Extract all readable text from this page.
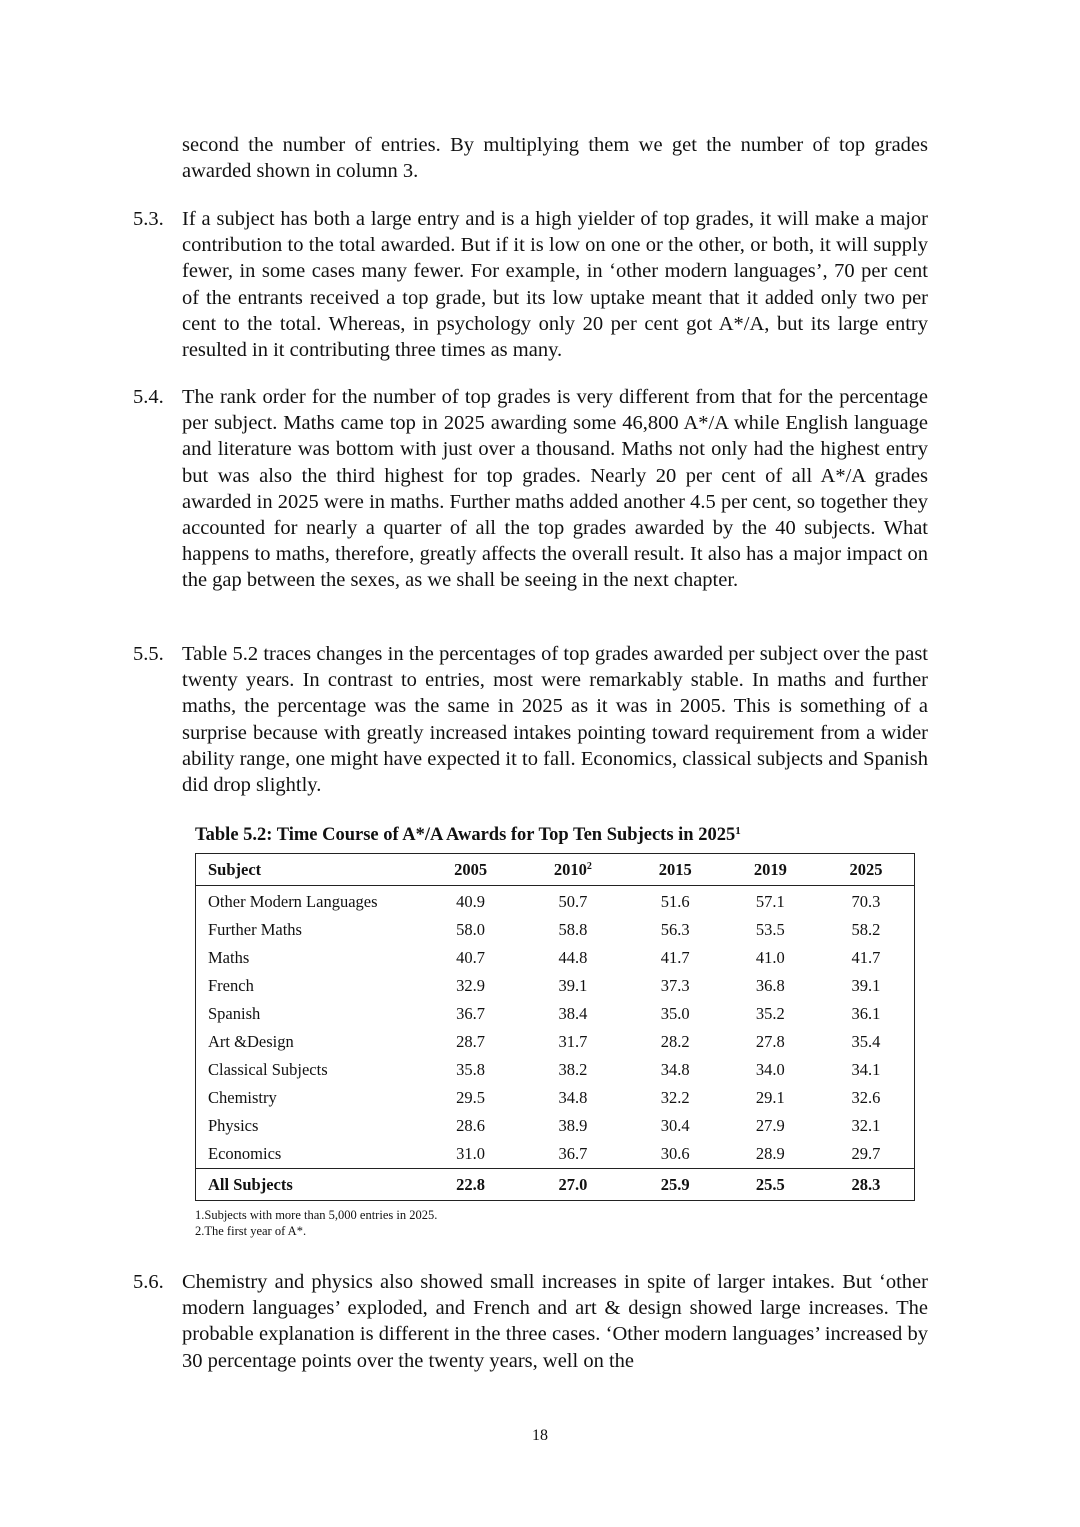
second the number of entries. By multiplying them we get the number of top grades awarded shown in column 3.
5.3. If a subject has both a large entry and is a high yielder of top grades, it will make a major contribution to the total awarded. But if it is low on one or the other, or both, it will supply fewer, in some cases many fewer. For example, in ‘other modern languages’, 70 per cent of the entrants received a top grade, but its low uptake meant that it added only two per cent to the total. Whereas, in psychology only 20 per cent got A*/A, but its large entry resulted in it contributing three times as many.
5.4. The rank order for the number of top grades is very different from that for the percentage per subject. Maths came top in 2025 awarding some 46,800 A*/A while English language and literature was bottom with just over a thousand. Maths not only had the highest entry but was also the third highest for top grades. Nearly 20 per cent of all A*/A grades awarded in 2025 were in maths. Further maths added another 4.5 per cent, so together they accounted for nearly a quarter of all the top grades awarded by the 40 subjects. What happens to maths, therefore, greatly affects the overall result. It also has a major impact on the gap between the sexes, as we shall be seeing in the next chapter.
5.5. Table 5.2 traces changes in the percentages of top grades awarded per subject over the past twenty years. In contrast to entries, most were remarkably stable. In maths and further maths, the percentage was the same in 2025 as it was in 2005. This is something of a surprise because with greatly increased intakes pointing toward requirement from a wider ability range, one might have expected it to fall. Economics, classical subjects and Spanish did drop slightly.
Table 5.2: Time Course of A*/A Awards for Top Ten Subjects in 2025$^1$
Subject	2005	2010$^2$	2015	2019	2025
Other Modern Languages	40.9	50.7	51.6	57.1	70.3
Further Maths	58.0	58.8	56.3	53.5	58.2
Maths	40.7	44.8	41.7	41.0	41.7
French	32.9	39.1	37.3	36.8	39.1
Spanish	36.7	38.4	35.0	35.2	36.1
Art &Design	28.7	31.7	28.2	27.8	35.4
Classical Subjects	35.8	38.2	34.8	34.0	34.1
Chemistry	29.5	34.8	32.2	29.1	32.6
Physics	28.6	38.9	30.4	27.9	32.1
Economics	31.0	36.7	30.6	28.9	29.7
All Subjects	22.8	27.0	25.9	25.5	28.3
1.Subjects with more than 5,000 entries in 2025.
2.The first year of A*.
5.6. Chemistry and physics also showed small increases in spite of larger intakes. But ‘other modern languages’ exploded, and French and art & design showed large increases. The probable explanation is different in the three cases. ‘Other modern languages’ increased by 30 percentage points over the twenty years, well on the
18
